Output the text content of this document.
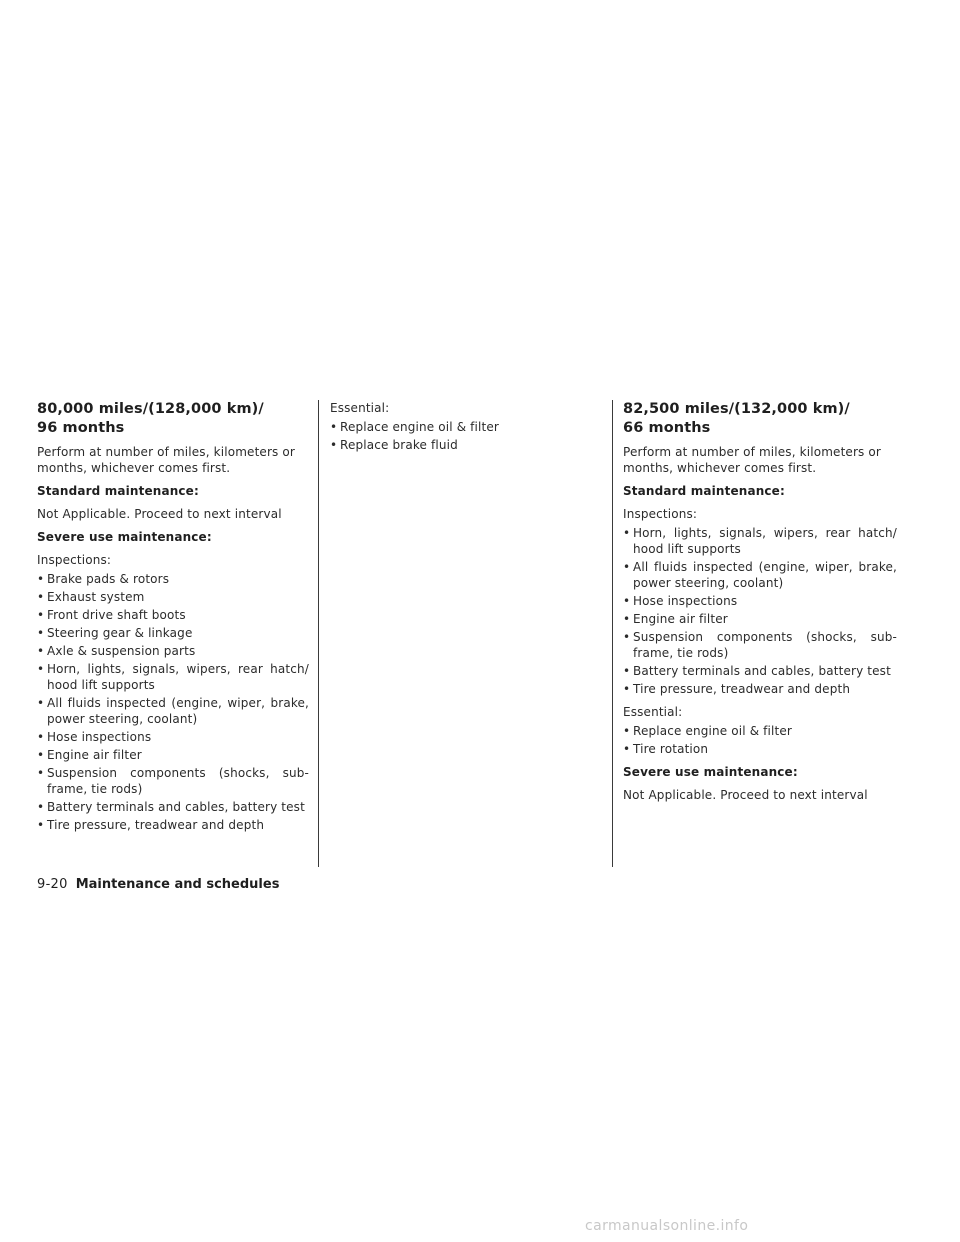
80,000 miles/(128,000 km)/
96 months

Perform at number of miles, kilometers or months, whichever comes first.

Standard maintenance:

Not Applicable. Proceed to next interval

Severe use maintenance:

Inspections:

• Brake pads & rotors
• Exhaust system
• Front drive shaft boots
• Steering gear & linkage
• Axle & suspension parts
• Horn, lights, signals, wipers, rear hatch/ hood lift supports
• All fluids inspected (engine, wiper, brake, power steering, coolant)
• Hose inspections
• Engine air filter
• Suspension components (shocks, sub- frame, tie rods)
• Battery terminals and cables, battery test
• Tire pressure, treadwear and depth

Essential:

• Replace engine oil & filter
• Replace brake fluid
82,500 miles/(132,000 km)/
66 months

Perform at number of miles, kilometers or months, whichever comes first.

Standard maintenance:

Inspections:

• Horn, lights, signals, wipers, rear hatch/ hood lift supports
• All fluids inspected (engine, wiper, brake, power steering, coolant)
• Hose inspections
• Engine air filter
• Suspension components (shocks, sub- frame, tie rods)
• Battery terminals and cables, battery test
• Tire pressure, treadwear and depth

Essential:

• Replace engine oil & filter
• Tire rotation

Severe use maintenance:

Not Applicable. Proceed to next interval

9-20 Maintenance and schedules
carmanualsonline.info
